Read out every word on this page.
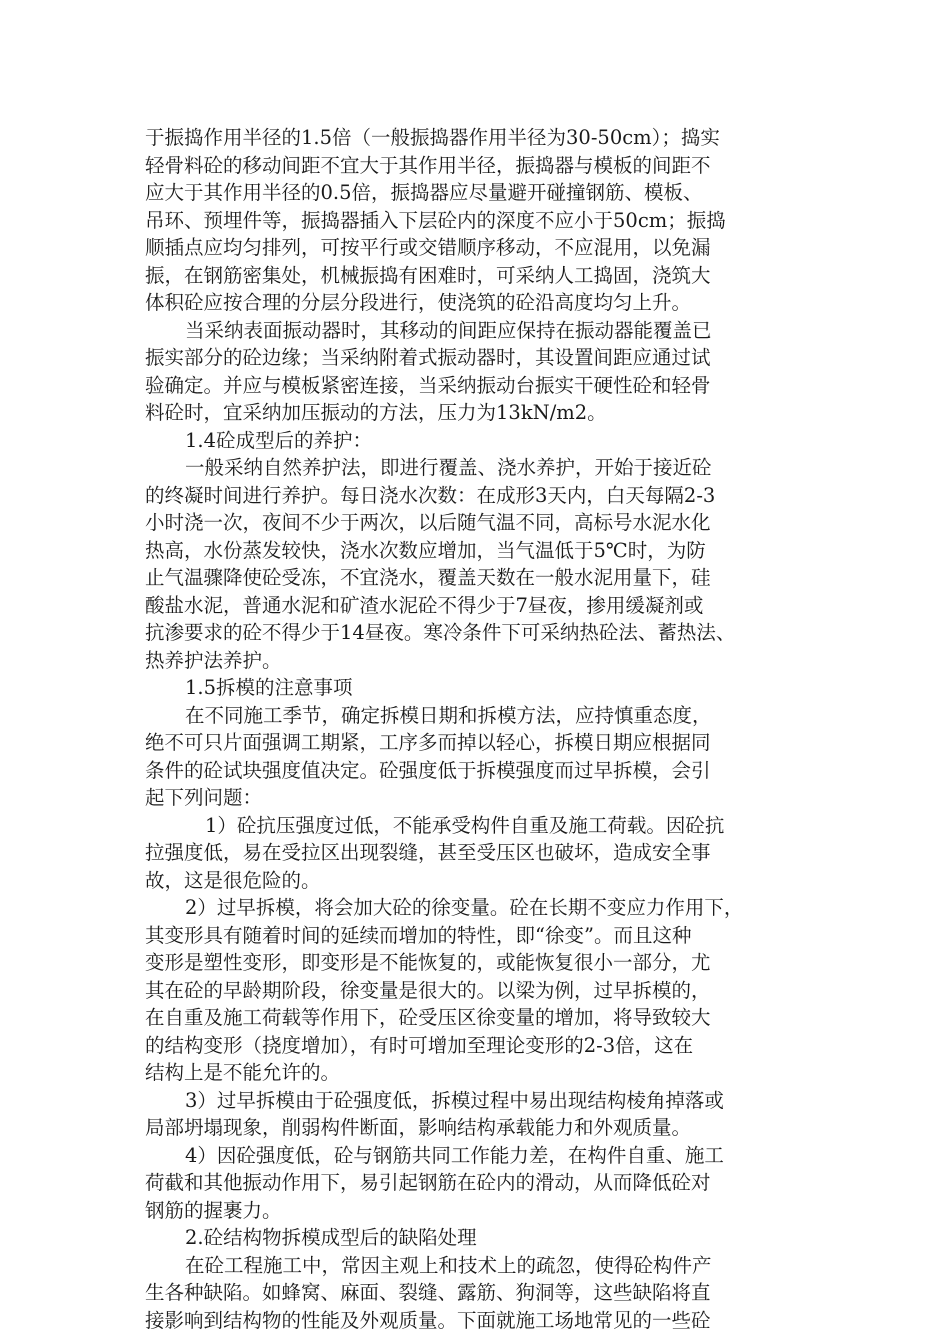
于振捣作用半径的1.5倍（一般振捣器作用半径为30-50cm）；捣实
轻骨料砼的移动间距不宜大于其作用半径，振捣器与模板的间距不
应大于其作用半径的0.5倍，振捣器应尽量避开碰撞钢筋、模板、
吊环、预埋件等，振捣器插入下层砼内的深度不应小于50cm；振捣
顺插点应均匀排列，可按平行或交错顺序移动，不应混用，以免漏
振，在钢筋密集处，机械振捣有困难时，可采纳人工捣固，浇筑大
体积砼应按合理的分层分段进行，使浇筑的砼沿高度均匀上升。
当采纳表面振动器时，其移动的间距应保持在振动器能覆盖已
振实部分的砼边缘；当采纳附着式振动器时，其设置间距应通过试
验确定。并应与模板紧密连接，当采纳振动台振实干硬性砼和轻骨
料砼时，宜采纳加压振动的方法，压力为13kN/m2。
1.4砼成型后的养护：
一般采纳自然养护法，即进行覆盖、浇水养护，开始于接近砼
的终凝时间进行养护。每日浇水次数：在成形3天内，白天每隔2-3
小时浇一次，夜间不少于两次，以后随气温不同，高标号水泥水化
热高，水份蒸发较快，浇水次数应增加，当气温低于5℃时，为防
止气温骤降使砼受冻，不宜浇水，覆盖天数在一般水泥用量下，硅
酸盐水泥，普通水泥和矿渣水泥砼不得少于7昼夜，掺用缓凝剂或
抗渗要求的砼不得少于14昼夜。寒冷条件下可采纳热砼法、蓄热法、
热养护法养护。
1.5拆模的注意事项
在不同施工季节，确定拆模日期和拆模方法，应持慎重态度，
绝不可只片面强调工期紧，工序多而掉以轻心，拆模日期应根据同
条件的砼试块强度值决定。砼强度低于拆模强度而过早拆模，会引
起下列问题：
1）砼抗压强度过低，不能承受构件自重及施工荷载。因砼抗
拉强度低，易在受拉区出现裂缝，甚至受压区也破坏，造成安全事
故，这是很危险的。
2）过早拆模，将会加大砼的徐变量。砼在长期不变应力作用下，
其变形具有随着时间的延续而增加的特性，即“徐变”。而且这种
变形是塑性变形，即变形是不能恢复的，或能恢复很小一部分，尤
其在砼的早龄期阶段，徐变量是很大的。以梁为例，过早拆模的，
在自重及施工荷载等作用下，砼受压区徐变量的增加，将导致较大
的结构变形（挠度增加），有时可增加至理论变形的2-3倍，这在
结构上是不能允许的。
3）过早拆模由于砼强度低，拆模过程中易出现结构棱角掉落或
局部坍塌现象，削弱构件断面，影响结构承载能力和外观质量。
4）因砼强度低，砼与钢筋共同工作能力差，在构件自重、施工
荷截和其他振动作用下，易引起钢筋在砼内的滑动，从而降低砼对
钢筋的握裹力。
2.砼结构物拆模成型后的缺陷处理
在砼工程施工中，常因主观上和技术上的疏忽，使得砼构件产
生各种缺陷。如蜂窝、麻面、裂缝、露筋、狗洞等，这些缺陷将直
接影响到结构物的性能及外观质量。下面就施工场地常见的一些砼
